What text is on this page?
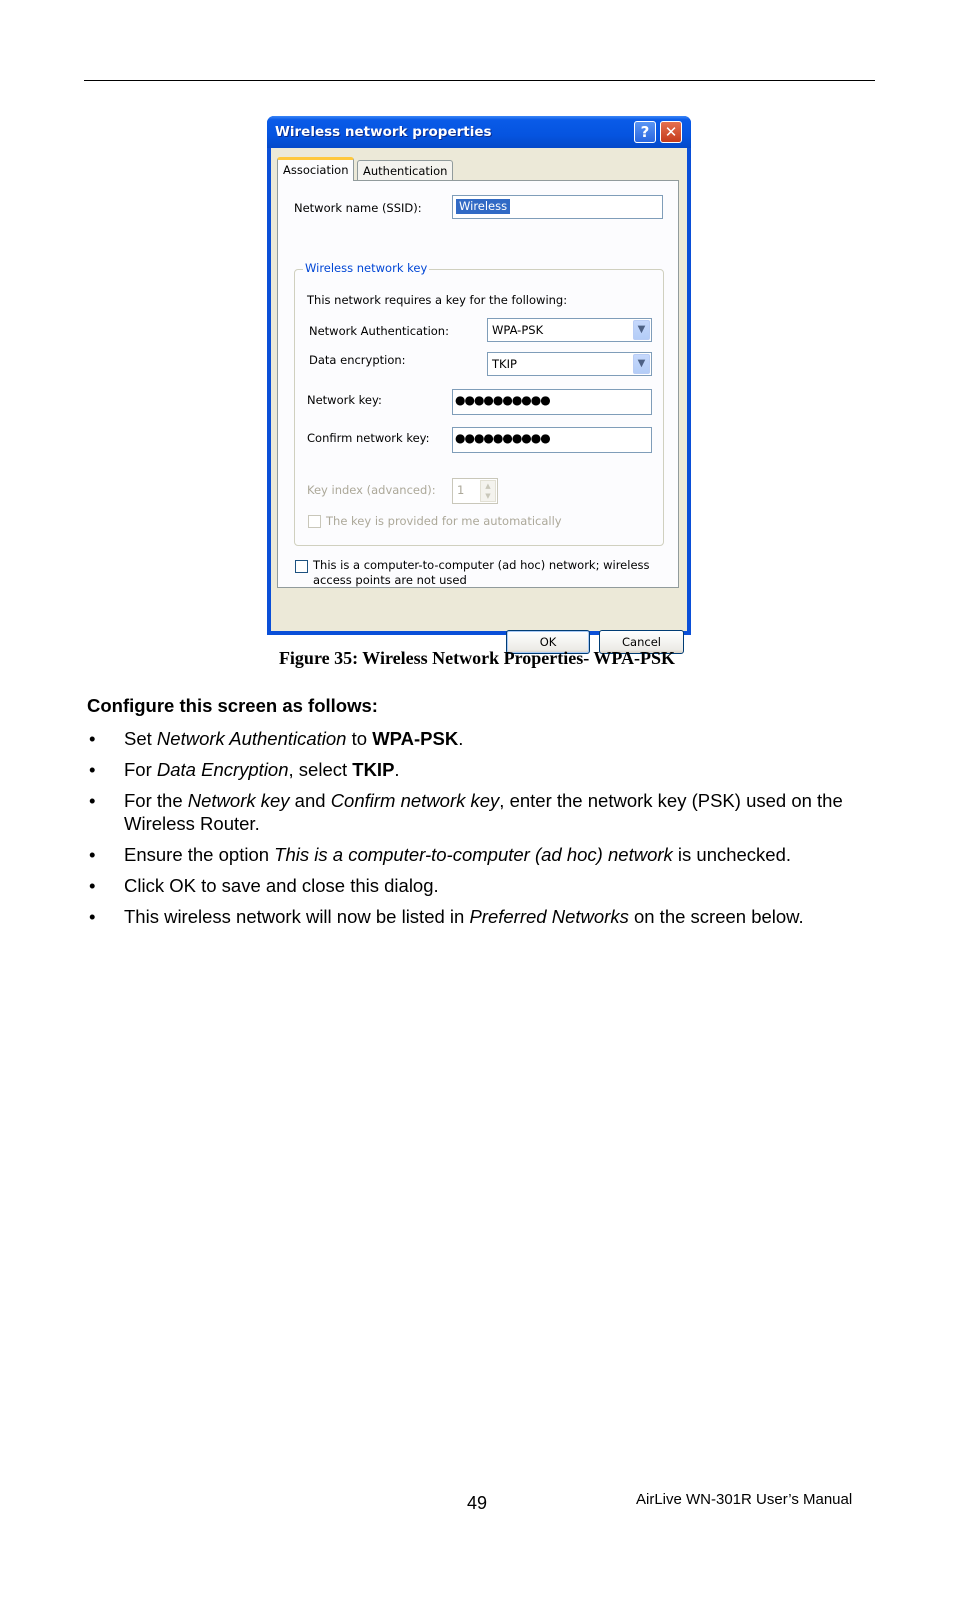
Wireless network properties	?	✕
Association	Authentication
Network name (SSID):	Wireless
Wireless network key
This network requires a key for the following:
Network Authentication:	WPA-PSK	▼
Data encryption:	TKIP	▼
Network key:	●●●●●●●●●●
Confirm network key: ●●●●●●●●●●
Key index (advanced): 1	▲
▼
The key is provided for me automatically
This is a computer-to-computer (ad hoc) network; wireless
access points are not used
OK	Cancel
Figure 35: Wireless Network Properties- WPA-PSK
Configure this screen as follows:
• Set Network Authentication to WPA-PSK.
• For Data Encryption, select TKIP.
• For the Network key and Confirm network key, enter the network key (PSK) used on the Wireless Router.
• Ensure the option This is a computer-to-computer (ad hoc) network is unchecked.
• Click OK to save and close this dialog.
• This wireless network will now be listed in Preferred Networks on the screen below.
49	AirLive WN-301R User’s Manual
